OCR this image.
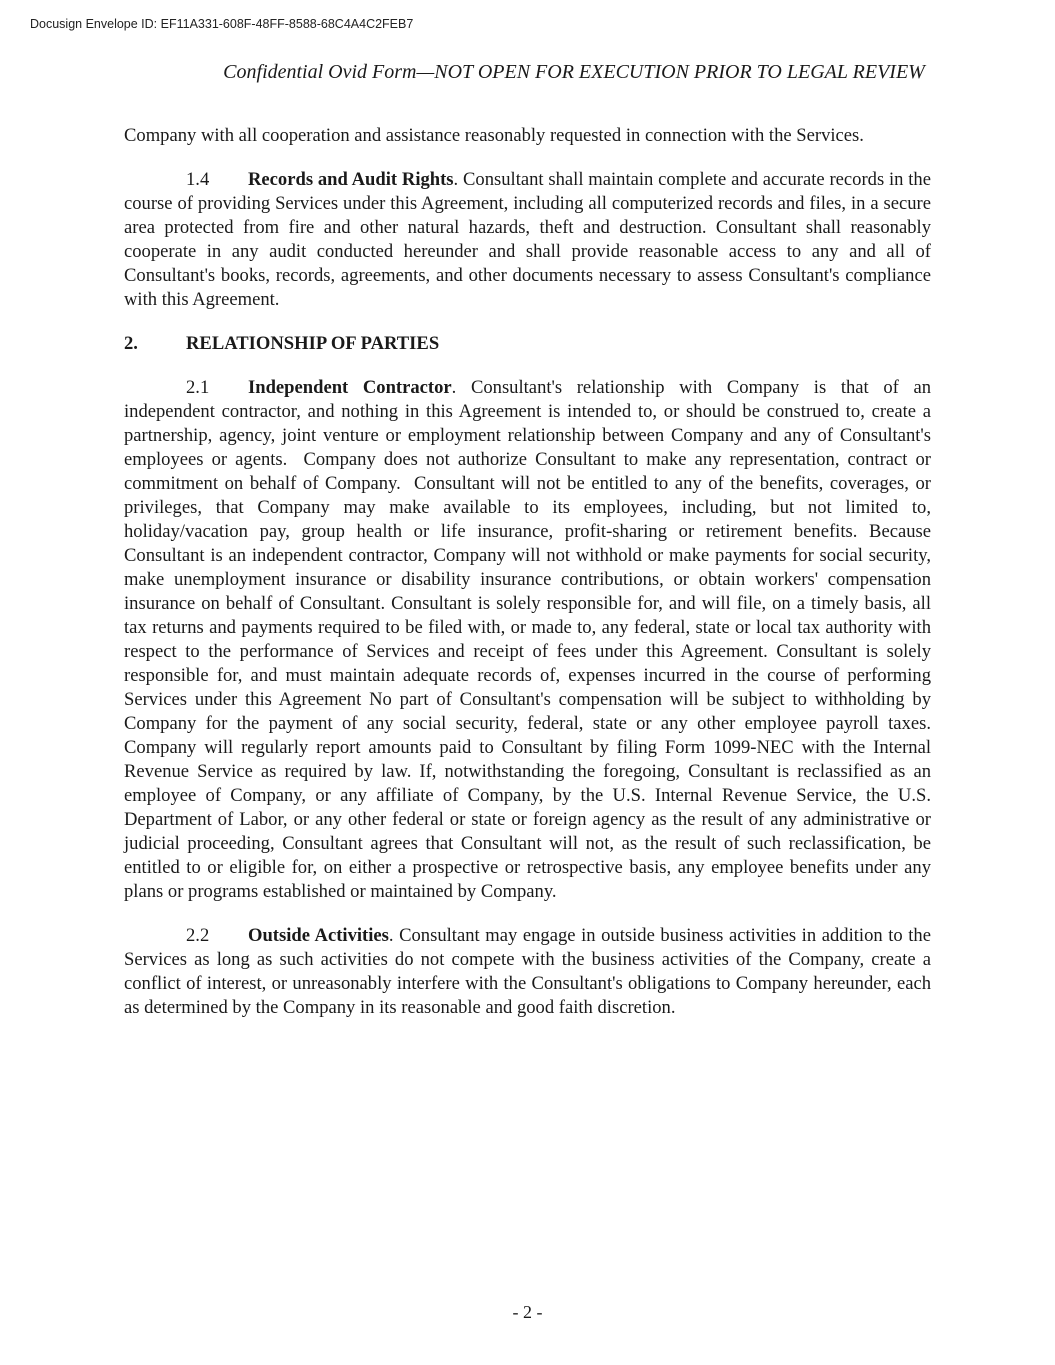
Docusign Envelope ID: EF11A331-608F-48FF-8588-68C4A4C2FEB7
Confidential Ovid Form—NOT OPEN FOR EXECUTION PRIOR TO LEGAL REVIEW

Company with all cooperation and assistance reasonably requested in connection with the Services.

1.4 Records and Audit Rights. Consultant shall maintain complete and accurate records in the course of providing Services under this Agreement, including all computerized records and files, in a secure area protected from fire and other natural hazards, theft and destruction. Consultant shall reasonably cooperate in any audit conducted hereunder and shall provide reasonable access to any and all of Consultant's books, records, agreements, and other documents necessary to assess Consultant's compliance with this Agreement.

2.	RELATIONSHIP OF PARTIES

2.1 Independent Contractor. Consultant's relationship with Company is that of an independent contractor, and nothing in this Agreement is intended to, or should be construed to, create a partnership, agency, joint venture or employment relationship between Company and any of Consultant's employees or agents.  Company does not authorize Consultant to make any representation, contract or commitment on behalf of Company.  Consultant will not be entitled to any of the benefits, coverages, or privileges, that Company may make available to its employees, including, but not limited to, holiday/vacation pay, group health or life insurance, profit-sharing or retirement benefits. Because Consultant is an independent contractor, Company will not withhold or make payments for social security, make unemployment insurance or disability insurance contributions, or obtain workers' compensation insurance on behalf of Consultant. Consultant is solely responsible for, and will file, on a timely basis, all tax returns and payments required to be filed with, or made to, any federal, state or local tax authority with respect to the performance of Services and receipt of fees under this Agreement. Consultant is solely responsible for, and must maintain adequate records of, expenses incurred in the course of performing Services under this Agreement No part of Consultant's compensation will be subject to withholding by Company for the payment of any social security, federal, state or any other employee payroll taxes. Company will regularly report amounts paid to Consultant by filing Form 1099-NEC with the Internal Revenue Service as required by law. If, notwithstanding the foregoing, Consultant is reclassified as an employee of Company, or any affiliate of Company, by the U.S. Internal Revenue Service, the U.S. Department of Labor, or any other federal or state or foreign agency as the result of any administrative or judicial proceeding, Consultant agrees that Consultant will not, as the result of such reclassification, be entitled to or eligible for, on either a prospective or retrospective basis, any employee benefits under any plans or programs established or maintained by Company.

2.2 Outside Activities. Consultant may engage in outside business activities in addition to the Services as long as such activities do not compete with the business activities of the Company, create a conflict of interest, or unreasonably interfere with the Consultant's obligations to Company hereunder, each as determined by the Company in its reasonable and good faith discretion.

- 2 -
